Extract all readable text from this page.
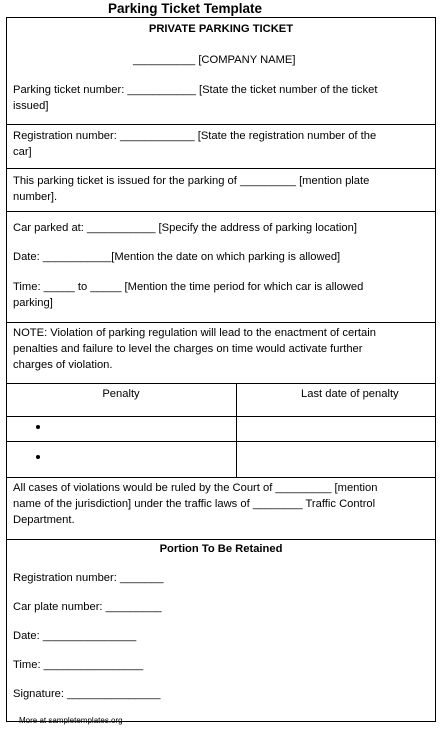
Parking Ticket Template
PRIVATE PARKING TICKET
__________ [COMPANY NAME]
Parking ticket number: ___________ [State the ticket number of the ticket
issued]
Registration number: ____________ [State the registration number of the
car]
This parking ticket is issued for the parking of _________ [mention plate
number].
Car parked at: ___________ [Specify the address of parking location]
Date: ___________[Mention the date on which parking is allowed]
Time: _____ to _____ [Mention the time period for which car is allowed
parking]
NOTE: Violation of parking regulation will lead to the enactment of certain
penalties and failure to level the charges on time would activate further
charges of violation.
Penalty	Last date of penalty
All cases of violations would be ruled by the Court of _________ [mention
name of the jurisdiction] under the traffic laws of ________ Traffic Control
Department.
Portion To Be Retained
Registration number: _______
Car plate number: _________
Date: _______________
Time: ________________
Signature: _______________
More at sampletemplates.org
